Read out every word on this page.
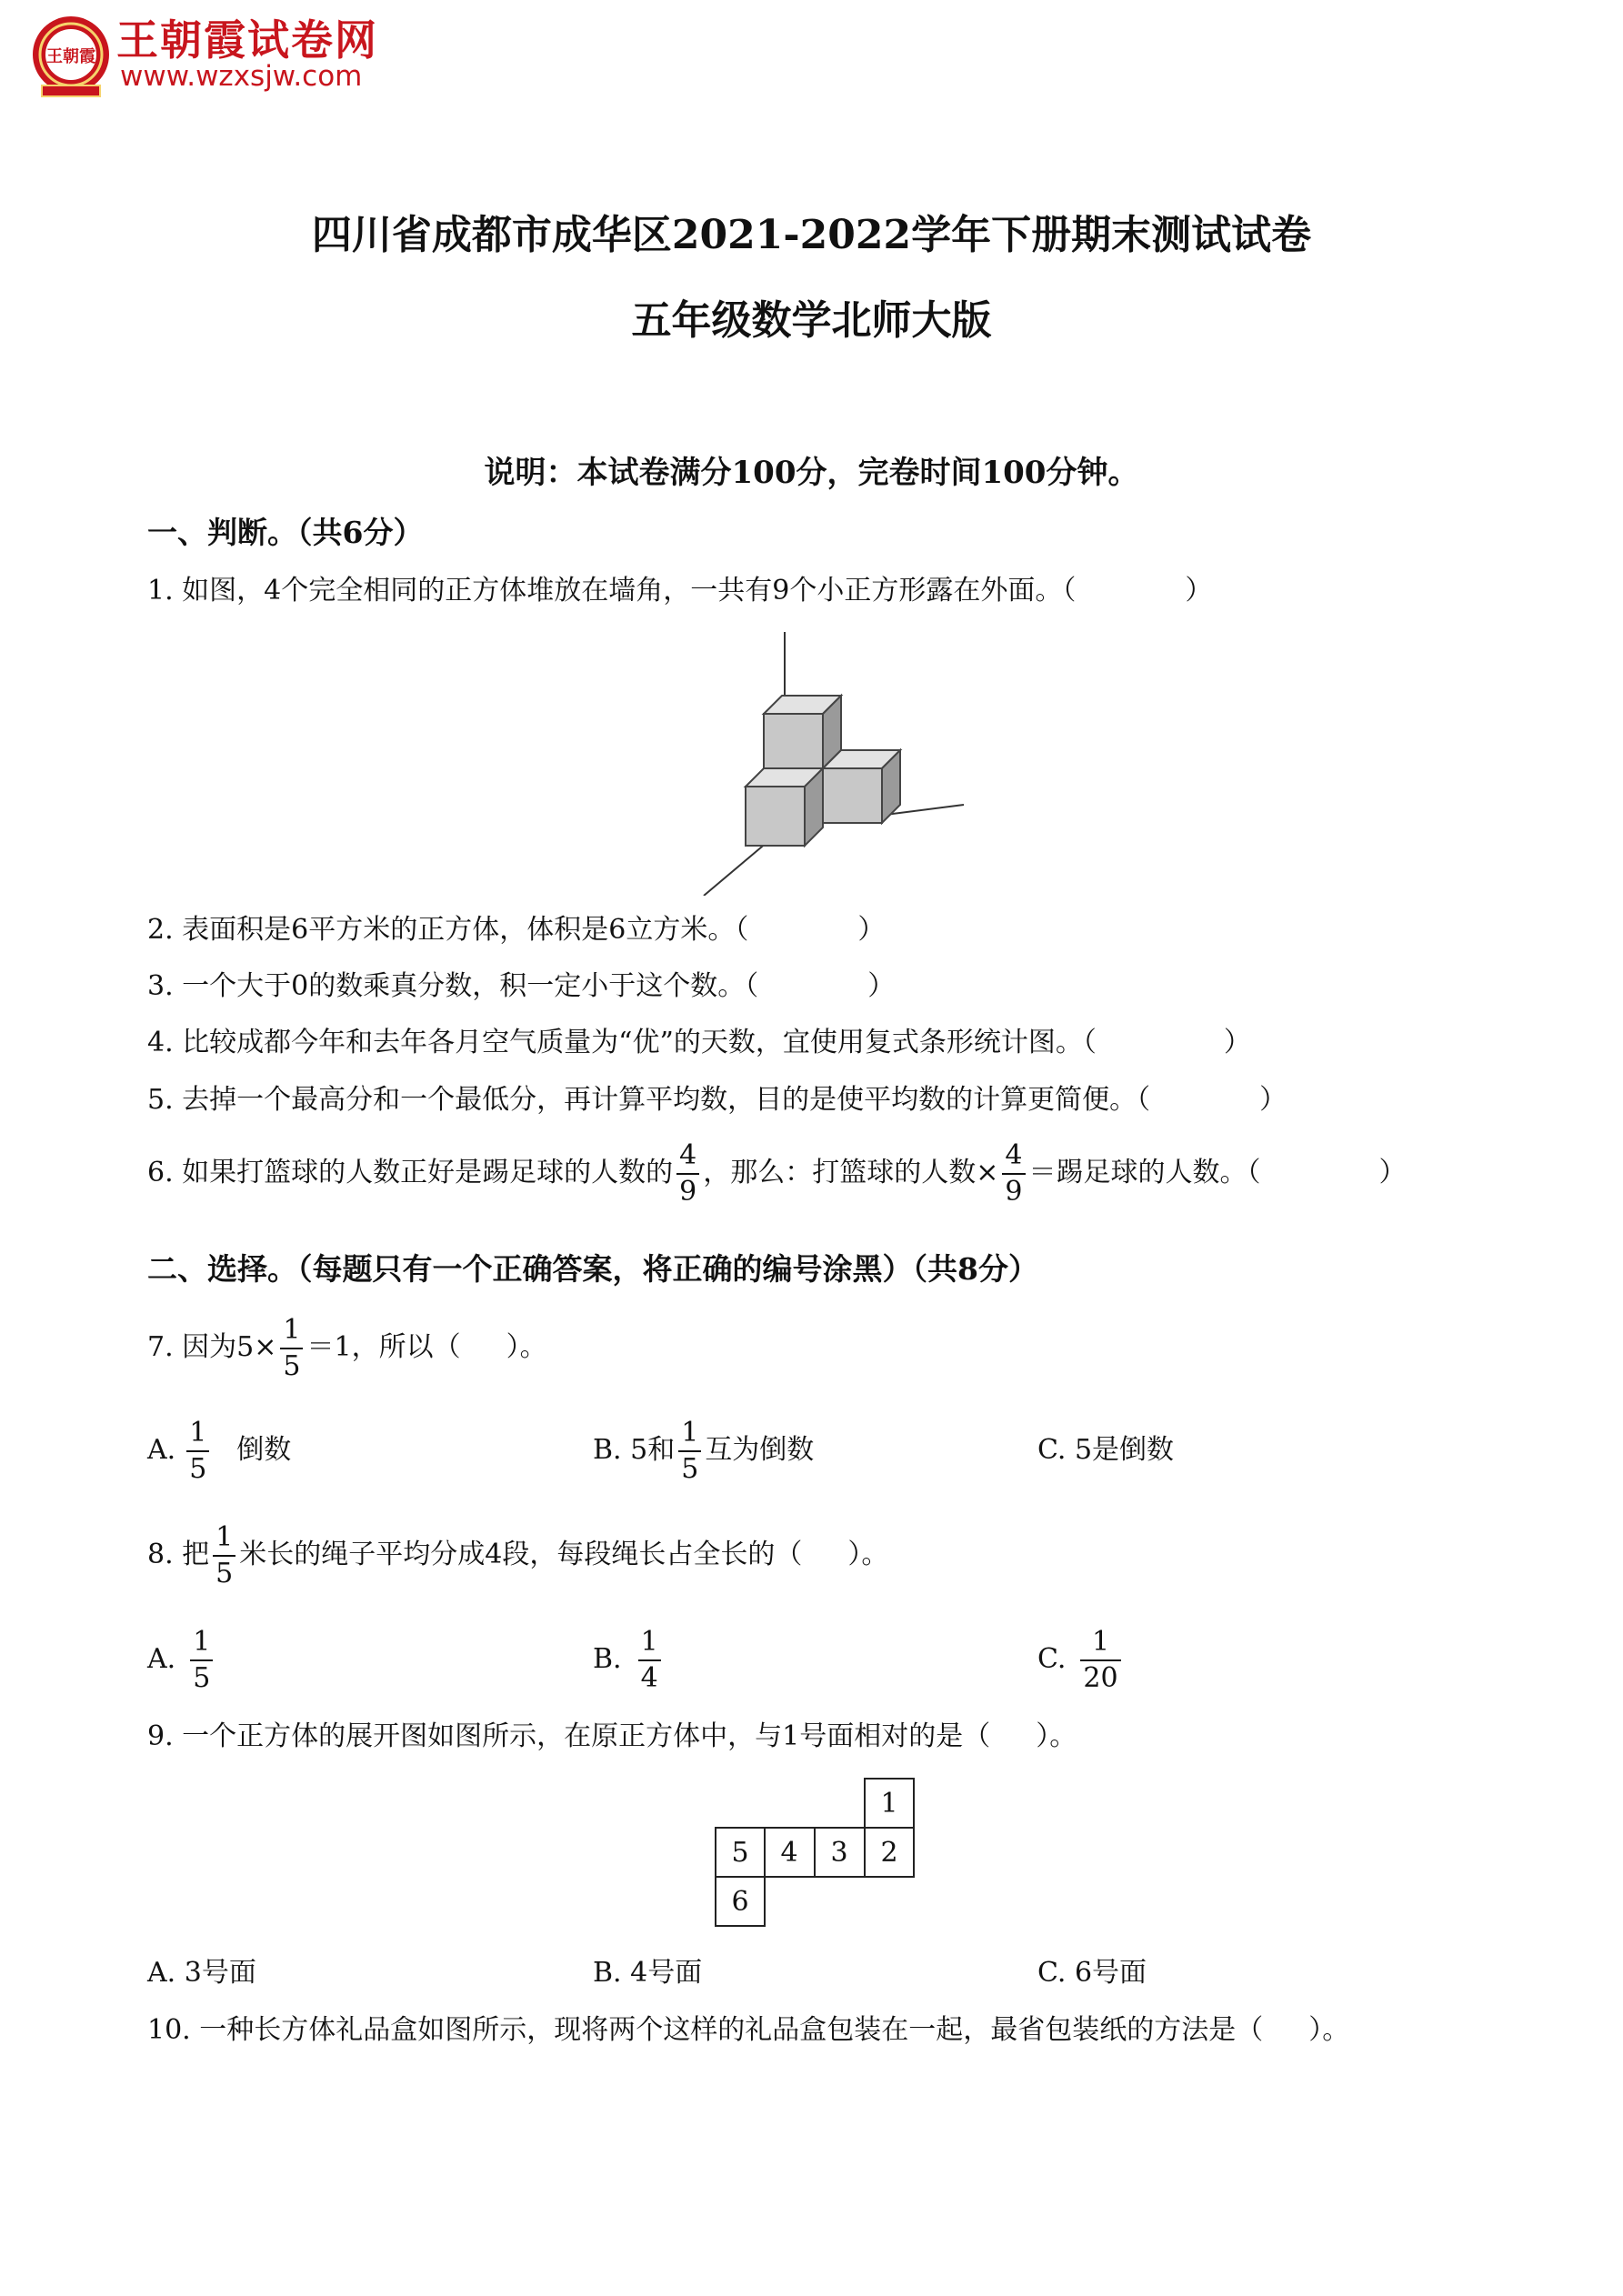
王朝霞 王朝霞试卷网
www.wzxsjw.com
四川省成都市成华区2021-2022学年下册期末测试试卷
五年级数学北师大版
说明：本试卷满分100分，完卷时间100分钟。
一、判断。（共6分）
1. 如图，4个完全相同的正方体堆放在墙角，一共有9个小正方形露在外面。（	）
2. 表面积是6平方米的正方体，体积是6立方米。（	）
3. 一个大于0的数乘真分数，积一定小于这个数。（	）
4. 比较成都今年和去年各月空气质量为“优”的天数，宜使用复式条形统计图。（	）
5. 去掉一个最高分和一个最低分，再计算平均数，目的是使平均数的计算更简便。（	）
6. 如果打篮球的人数正好是踢足球的人数的 $\frac{4}{9}$ ，那么：打篮球的人数× $\frac{4}{9}$ ＝踢足球的人数。（	）
二、选择。（每题只有一个正确答案，将正确的编号涂黑）（共8分）
7. 因为$5\times \frac{1}{5} =1$，所以（ ）。
A. $\frac{1}{5}$ 倒数	B. 5和 $\frac{1}{5}$ 互为倒数	C. 5是倒数
8. 把 $\frac{1}{5}$ 米长的绳子平均分成4段，每段绳长占全长的（ ）。
A. $\frac{1}{5}$	B. $\frac{1}{4}$	C. $\frac{1}{20}$
9. 一个正方体的展开图如图所示，在原正方体中，与1号面相对的是（ ）。
1
5 4 3 2
6
A. 3号面	B. 4号面	C. 6号面
10. 一种长方体礼品盒如图所示，现将两个这样的礼品盒包装在一起，最省包装纸的方法是（ ）。
